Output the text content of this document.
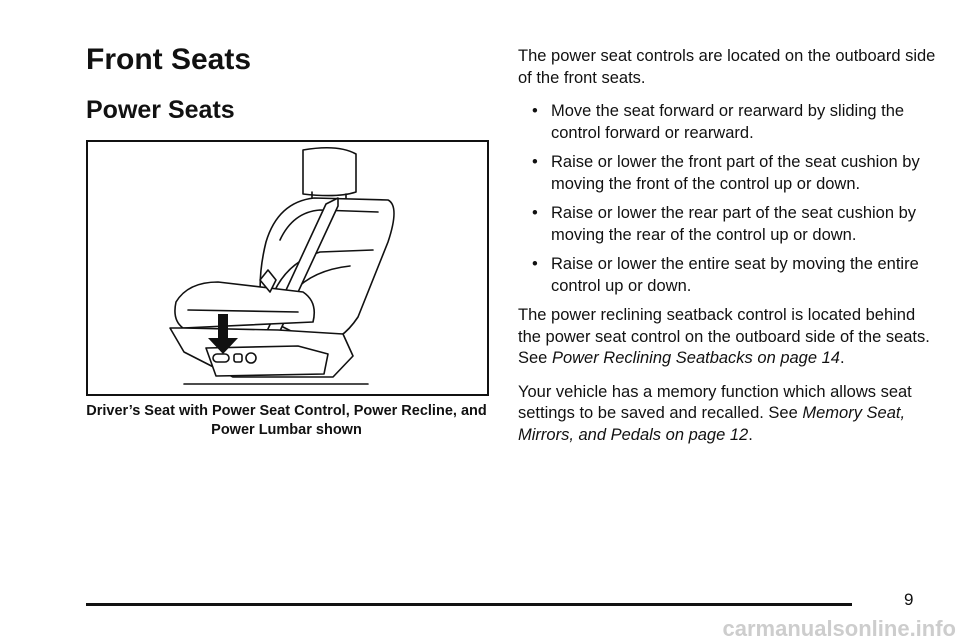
Front Seats
Power Seats

Driver’s Seat with Power Seat Control, Power Recline, and Power Lumbar shown

The power seat controls are located on the outboard side of the front seats.

• Move the seat forward or rearward by sliding the control forward or rearward.
• Raise or lower the front part of the seat cushion by moving the front of the control up or down.
• Raise or lower the rear part of the seat cushion by moving the rear of the control up or down.
• Raise or lower the entire seat by moving the entire control up or down.

The power reclining seatback control is located behind the power seat control on the outboard side of the seats. See Power Reclining Seatbacks on page 14.

Your vehicle has a memory function which allows seat settings to be saved and recalled. See Memory Seat, Mirrors, and Pedals on page 12.

9
carmanualsonline.info
